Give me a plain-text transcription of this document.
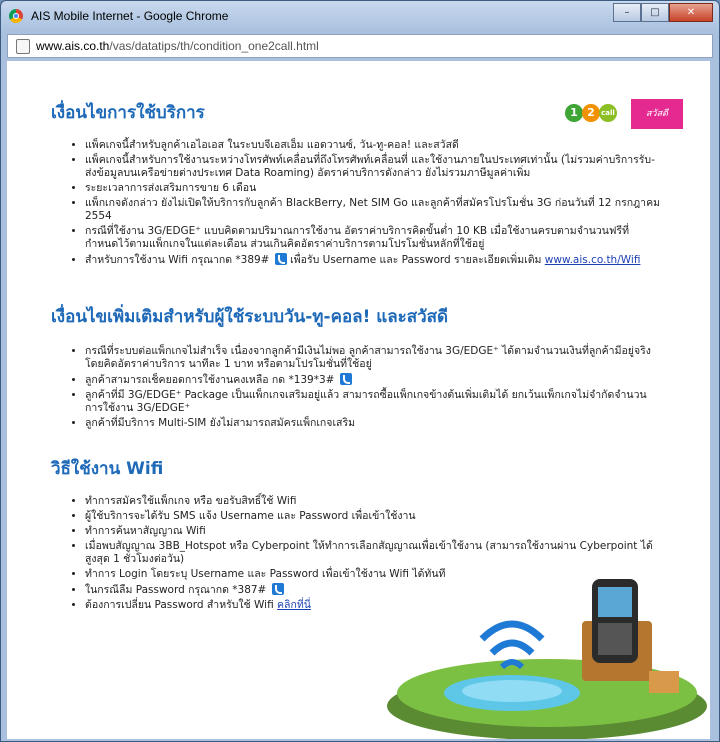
AIS Mobile Internet - Google Chrome	–	□	✕
www.ais.co.th/vas/datatips/th/condition_one2call.html
เงื่อนไขการใช้บริการ	1 2 call	สวัสดี
• แพ็คเกจนี้สำหรับลูกค้าเอไอเอส ในระบบจีเอสเอ็ม แอดวานซ์, วัน-ทู-คอล! และสวัสดี
• แพ็คเกจนี้สำหรับการใช้งานระหว่างโทรศัพท์เคลื่อนที่ถึงโทรศัพท์เคลื่อนที่ และใช้งานภายในประเทศเท่านั้น (ไม่รวมค่าบริการรับ-ส่งข้อมูลบนเครือข่ายต่างประเทศ Data Roaming) อัตราค่าบริการดังกล่าว ยังไม่รวมภาษีมูลค่าเพิ่ม
• ระยะเวลาการส่งเสริมการขาย 6 เดือน
• แพ็กเกจดังกล่าว ยังไม่เปิดให้บริการกับลูกค้า BlackBerry, Net SIM Go และลูกค้าที่สมัครโปรโมชั่น 3G ก่อนวันที่ 12 กรกฎาคม 2554
• กรณีที่ใช้งาน 3G/EDGE⁺ แบบคิดตามปริมาณการใช้งาน อัตราค่าบริการคิดขั้นต่ำ 10 KB เมื่อใช้งานครบตามจำนวนฟรีที่กำหนดไว้ตามแพ็กเกจในแต่ละเดือน ส่วนเกินคิดอัตราค่าบริการตามโปรโมชั่นหลักที่ใช้อยู่
• สำหรับการใช้งาน Wifi กรุณากด *389# เพื่อรับ Username และ Password รายละเอียดเพิ่มเติม www.ais.co.th/Wifi
เงื่อนไขเพิ่มเติมสำหรับผู้ใช้ระบบวัน-ทู-คอล! และสวัสดี
• กรณีที่ระบบต่อแพ็กเกจไม่สำเร็จ เนื่องจากลูกค้ามีเงินไม่พอ ลูกค้าสามารถใช้งาน 3G/EDGE⁺ ได้ตามจำนวนเงินที่ลูกค้ามีอยู่จริง โดยคิดอัตราค่าบริการ นาทีละ 1 บาท หรือตามโปรโมชั่นที่ใช้อยู่
• ลูกค้าสามารถเช็คยอดการใช้งานคงเหลือ กด *139*3#
• ลูกค้าที่มี 3G/EDGE⁺ Package เป็นแพ็กเกจเสริมอยู่แล้ว สามารถซื้อแพ็กเกจข้างต้นเพิ่มเติมได้ ยกเว้นแพ็กเกจไม่จำกัดจำนวนการใช้งาน 3G/EDGE⁺
• ลูกค้าที่มีบริการ Multi-SIM ยังไม่สามารถสมัครแพ็กเกจเสริม
วิธีใช้งาน Wifi
• ทำการสมัครใช้แพ็กเกจ หรือ ขอรับสิทธิ์ใช้ Wifi
• ผู้ใช้บริการจะได้รับ SMS แจ้ง Username และ Password เพื่อเข้าใช้งาน
• ทำการค้นหาสัญญาณ Wifi
• เมื่อพบสัญญาณ 3BB_Hotspot หรือ Cyberpoint ให้ทำการเลือกสัญญาณเพื่อเข้าใช้งาน (สามารถใช้งานผ่าน Cyberpoint ได้สูงสุด 1 ชั่วโมงต่อวัน)
• ทำการ Login โดยระบุ Username และ Password เพื่อเข้าใช้งาน Wifi ได้ทันที
• ในกรณีลืม Password กรุณากด *387#
• ต้องการเปลี่ยน Password สำหรับใช้ Wifi คลิกที่นี่
